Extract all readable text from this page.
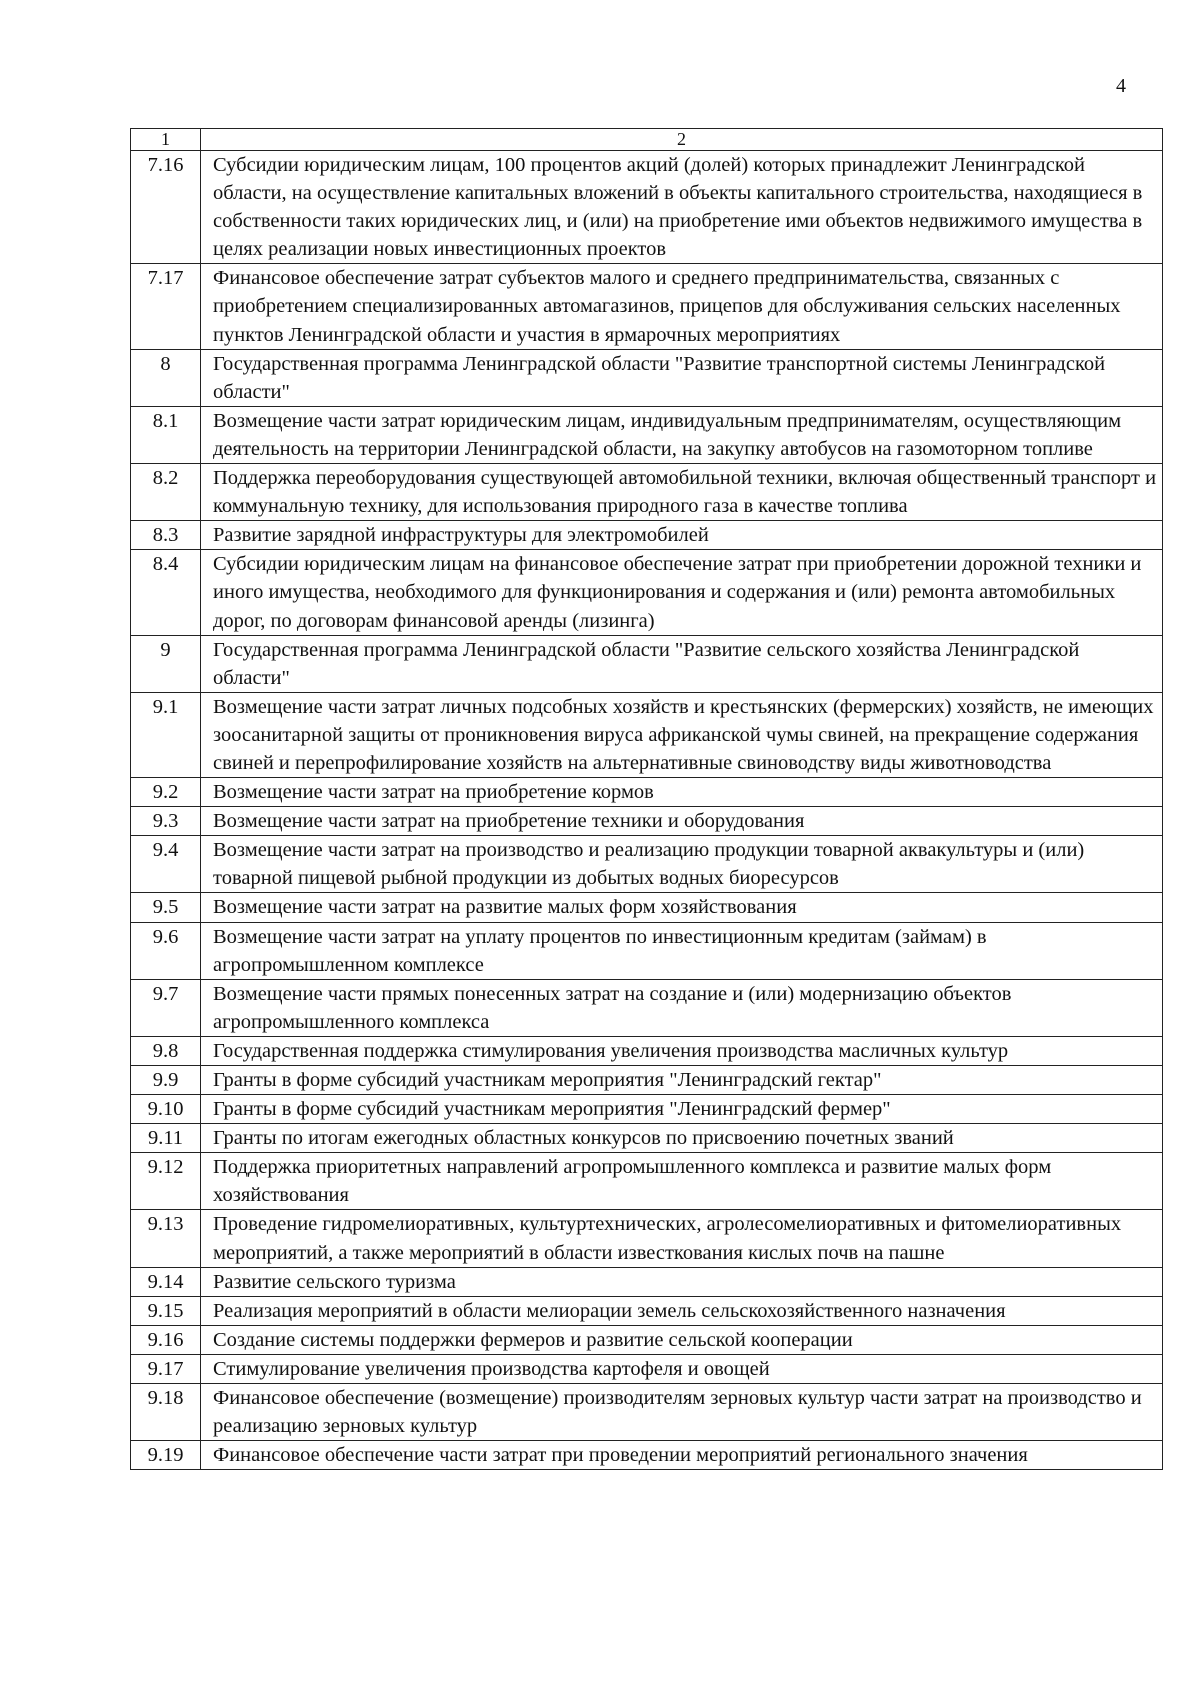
4
1	2
7.16	Субсидии юридическим лицам, 100 процентов акций (долей) которых принадлежит Ленинградской области, на осуществление капитальных вложений в объекты капитального строительства, находящиеся в собственности таких юридических лиц, и (или) на приобретение ими объектов недвижимого имущества в целях реализации новых инвестиционных проектов
7.17	Финансовое обеспечение затрат субъектов малого и среднего предпринимательства, связанных с приобретением специализированных автомагазинов, прицепов для обслуживания сельских населенных пунктов Ленинградской области и участия в ярмарочных мероприятиях
8	Государственная программа Ленинградской области "Развитие транспортной системы Ленинградской области"
8.1	Возмещение части затрат юридическим лицам, индивидуальным предпринимателям, осуществляющим деятельность на территории Ленинградской области, на закупку автобусов на газомоторном топливе
8.2	Поддержка переоборудования существующей автомобильной техники, включая общественный транспорт и коммунальную технику, для использования природного газа в качестве топлива
8.3	Развитие зарядной инфраструктуры для электромобилей
8.4	Субсидии юридическим лицам на финансовое обеспечение затрат при приобретении дорожной техники и иного имущества, необходимого для функционирования и содержания и (или) ремонта автомобильных дорог, по договорам финансовой аренды (лизинга)
9	Государственная программа Ленинградской области "Развитие сельского хозяйства Ленинградской области"
9.1	Возмещение части затрат личных подсобных хозяйств и крестьянских (фермерских) хозяйств, не имеющих зоосанитарной защиты от проникновения вируса африканской чумы свиней, на прекращение содержания свиней и перепрофилирование хозяйств на альтернативные свиноводству виды животноводства
9.2	Возмещение части затрат на приобретение кормов
9.3	Возмещение части затрат на приобретение техники и оборудования
9.4	Возмещение части затрат на производство и реализацию продукции товарной аквакультуры и (или) товарной пищевой рыбной продукции из добытых водных биоресурсов
9.5	Возмещение части затрат на развитие малых форм хозяйствования
9.6	Возмещение части затрат на уплату процентов по инвестиционным кредитам (займам) в агропромышленном комплексе
9.7	Возмещение части прямых понесенных затрат на создание и (или) модернизацию объектов агропромышленного комплекса
9.8	Государственная поддержка стимулирования увеличения производства масличных культур
9.9	Гранты в форме субсидий участникам мероприятия "Ленинградский гектар"
9.10	Гранты в форме субсидий участникам мероприятия "Ленинградский фермер"
9.11	Гранты по итогам ежегодных областных конкурсов по присвоению почетных званий
9.12	Поддержка приоритетных направлений агропромышленного комплекса и развитие малых форм хозяйствования
9.13	Проведение гидромелиоративных, культуртехнических, агролесомелиоративных и фитомелиоративных мероприятий, а также мероприятий в области известкования кислых почв на пашне
9.14	Развитие сельского туризма
9.15	Реализация мероприятий в области мелиорации земель сельскохозяйственного назначения
9.16	Создание системы поддержки фермеров и развитие сельской кооперации
9.17	Стимулирование увеличения производства картофеля и овощей
9.18	Финансовое обеспечение (возмещение) производителям зерновых культур части затрат на производство и реализацию зерновых культур
9.19	Финансовое обеспечение части затрат при проведении мероприятий регионального значения
